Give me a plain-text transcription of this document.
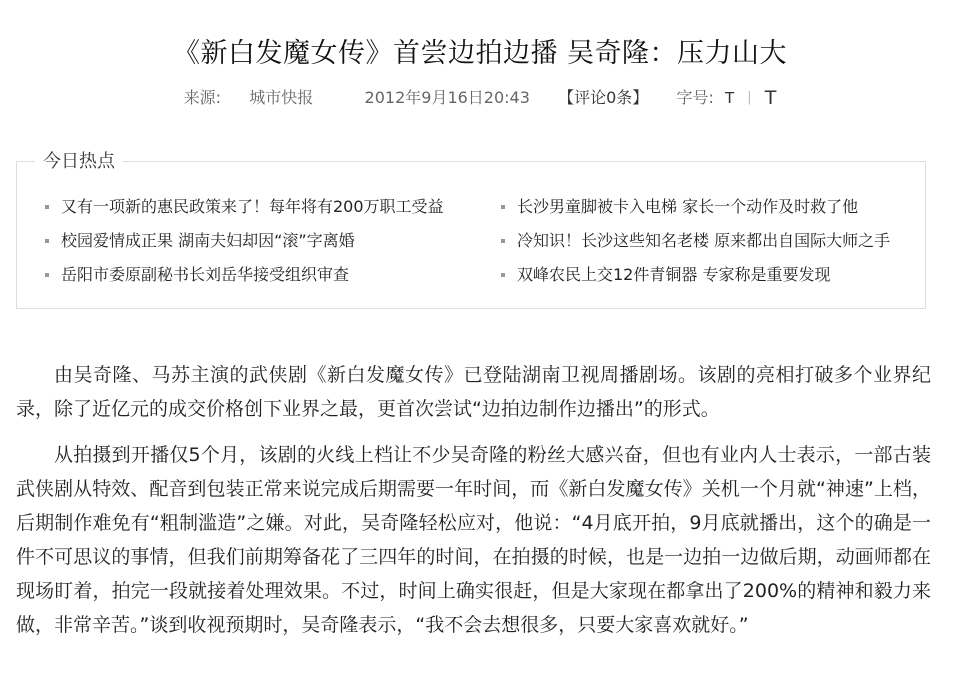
《新白发魔女传》首尝边拍边播 吴奇隆：压力山大
来源: 城市快报	2012年9月16日20:43 【评论0条】 字号: T | T
今日热点
又有一项新的惠民政策来了！每年将有200万职工受益
校园爱情成正果 湖南夫妇却因“滚”字离婚
岳阳市委原副秘书长刘岳华接受组织审查
长沙男童脚被卡入电梯 家长一个动作及时救了他
冷知识！长沙这些知名老楼 原来都出自国际大师之手
双峰农民上交12件青铜器 专家称是重要发现

由吴奇隆、马苏主演的武侠剧《新白发魔女传》已登陆湖南卫视周播剧场。该剧的亮相打破多个业界纪录，除了近亿元的成交价格创下业界之最，更首次尝试“边拍边制作边播出”的形式。

从拍摄到开播仅5个月，该剧的火线上档让不少吴奇隆的粉丝大感兴奋，但也有业内人士表示，一部古装武侠剧从特效、配音到包装正常来说完成后期需要一年时间，而《新白发魔女传》关机一个月就“神速”上档，后期制作难免有“粗制滥造”之嫌。对此，吴奇隆轻松应对，他说：“4月底开拍，9月底就播出，这个的确是一件不可思议的事情，但我们前期筹备花了三四年的时间，在拍摄的时候，也是一边拍一边做后期，动画师都在现场盯着，拍完一段就接着处理效果。不过，时间上确实很赶，但是大家现在都拿出了200%的精神和毅力来做，非常辛苦。”谈到收视预期时，吴奇隆表示，“我不会去想很多，只要大家喜欢就好。”
